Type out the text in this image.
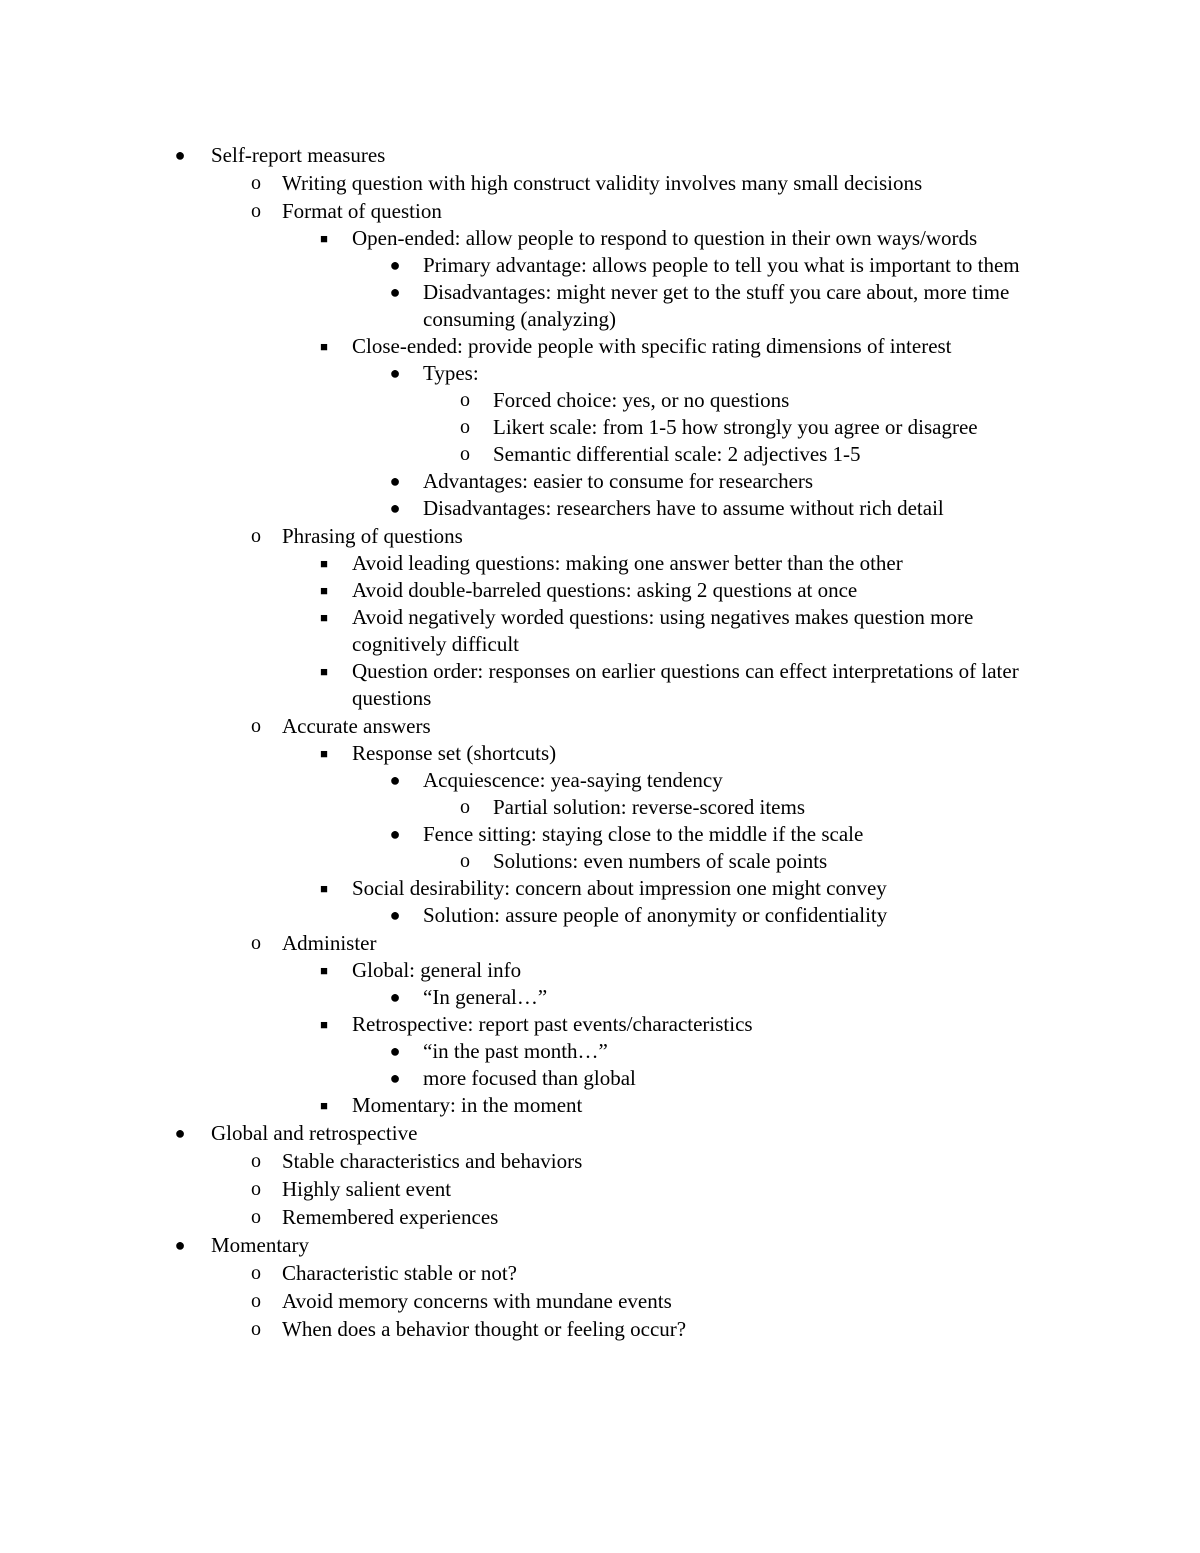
●	Self-report measures
o	Writing question with high construct validity involves many small decisions
o	Format of question
■	Open-ended: allow people to respond to question in their own ways/words
●	Primary advantage: allows people to tell you what is important to them
●	Disadvantages: might never get to the stuff you care about, more time consuming (analyzing)
■	Close-ended: provide people with specific rating dimensions of interest
●	Types:
o	Forced choice: yes, or no questions
o	Likert scale: from 1-5 how strongly you agree or disagree
o	Semantic differential scale: 2 adjectives 1-5
●	Advantages: easier to consume for researchers
●	Disadvantages: researchers have to assume without rich detail
o	Phrasing of questions
■	Avoid leading questions: making one answer better than the other
■	Avoid double-barreled questions: asking 2 questions at once
■	Avoid negatively worded questions: using negatives makes question more cognitively difficult
■	Question order: responses on earlier questions can effect interpretations of later questions
o	Accurate answers
■	Response set (shortcuts)
●	Acquiescence: yea-saying tendency
o	Partial solution: reverse-scored items
●	Fence sitting: staying close to the middle if the scale
o	Solutions: even numbers of scale points
■	Social desirability: concern about impression one might convey
●	Solution: assure people of anonymity or confidentiality
o	Administer
■	Global: general info
●	“In general…”
■	Retrospective: report past events/characteristics
●	“in the past month…”
●	more focused than global
■	Momentary: in the moment
●	Global and retrospective
o	Stable characteristics and behaviors
o	Highly salient event
o	Remembered experiences
●	Momentary
o	Characteristic stable or not?
o	Avoid memory concerns with mundane events
o	When does a behavior thought or feeling occur?
